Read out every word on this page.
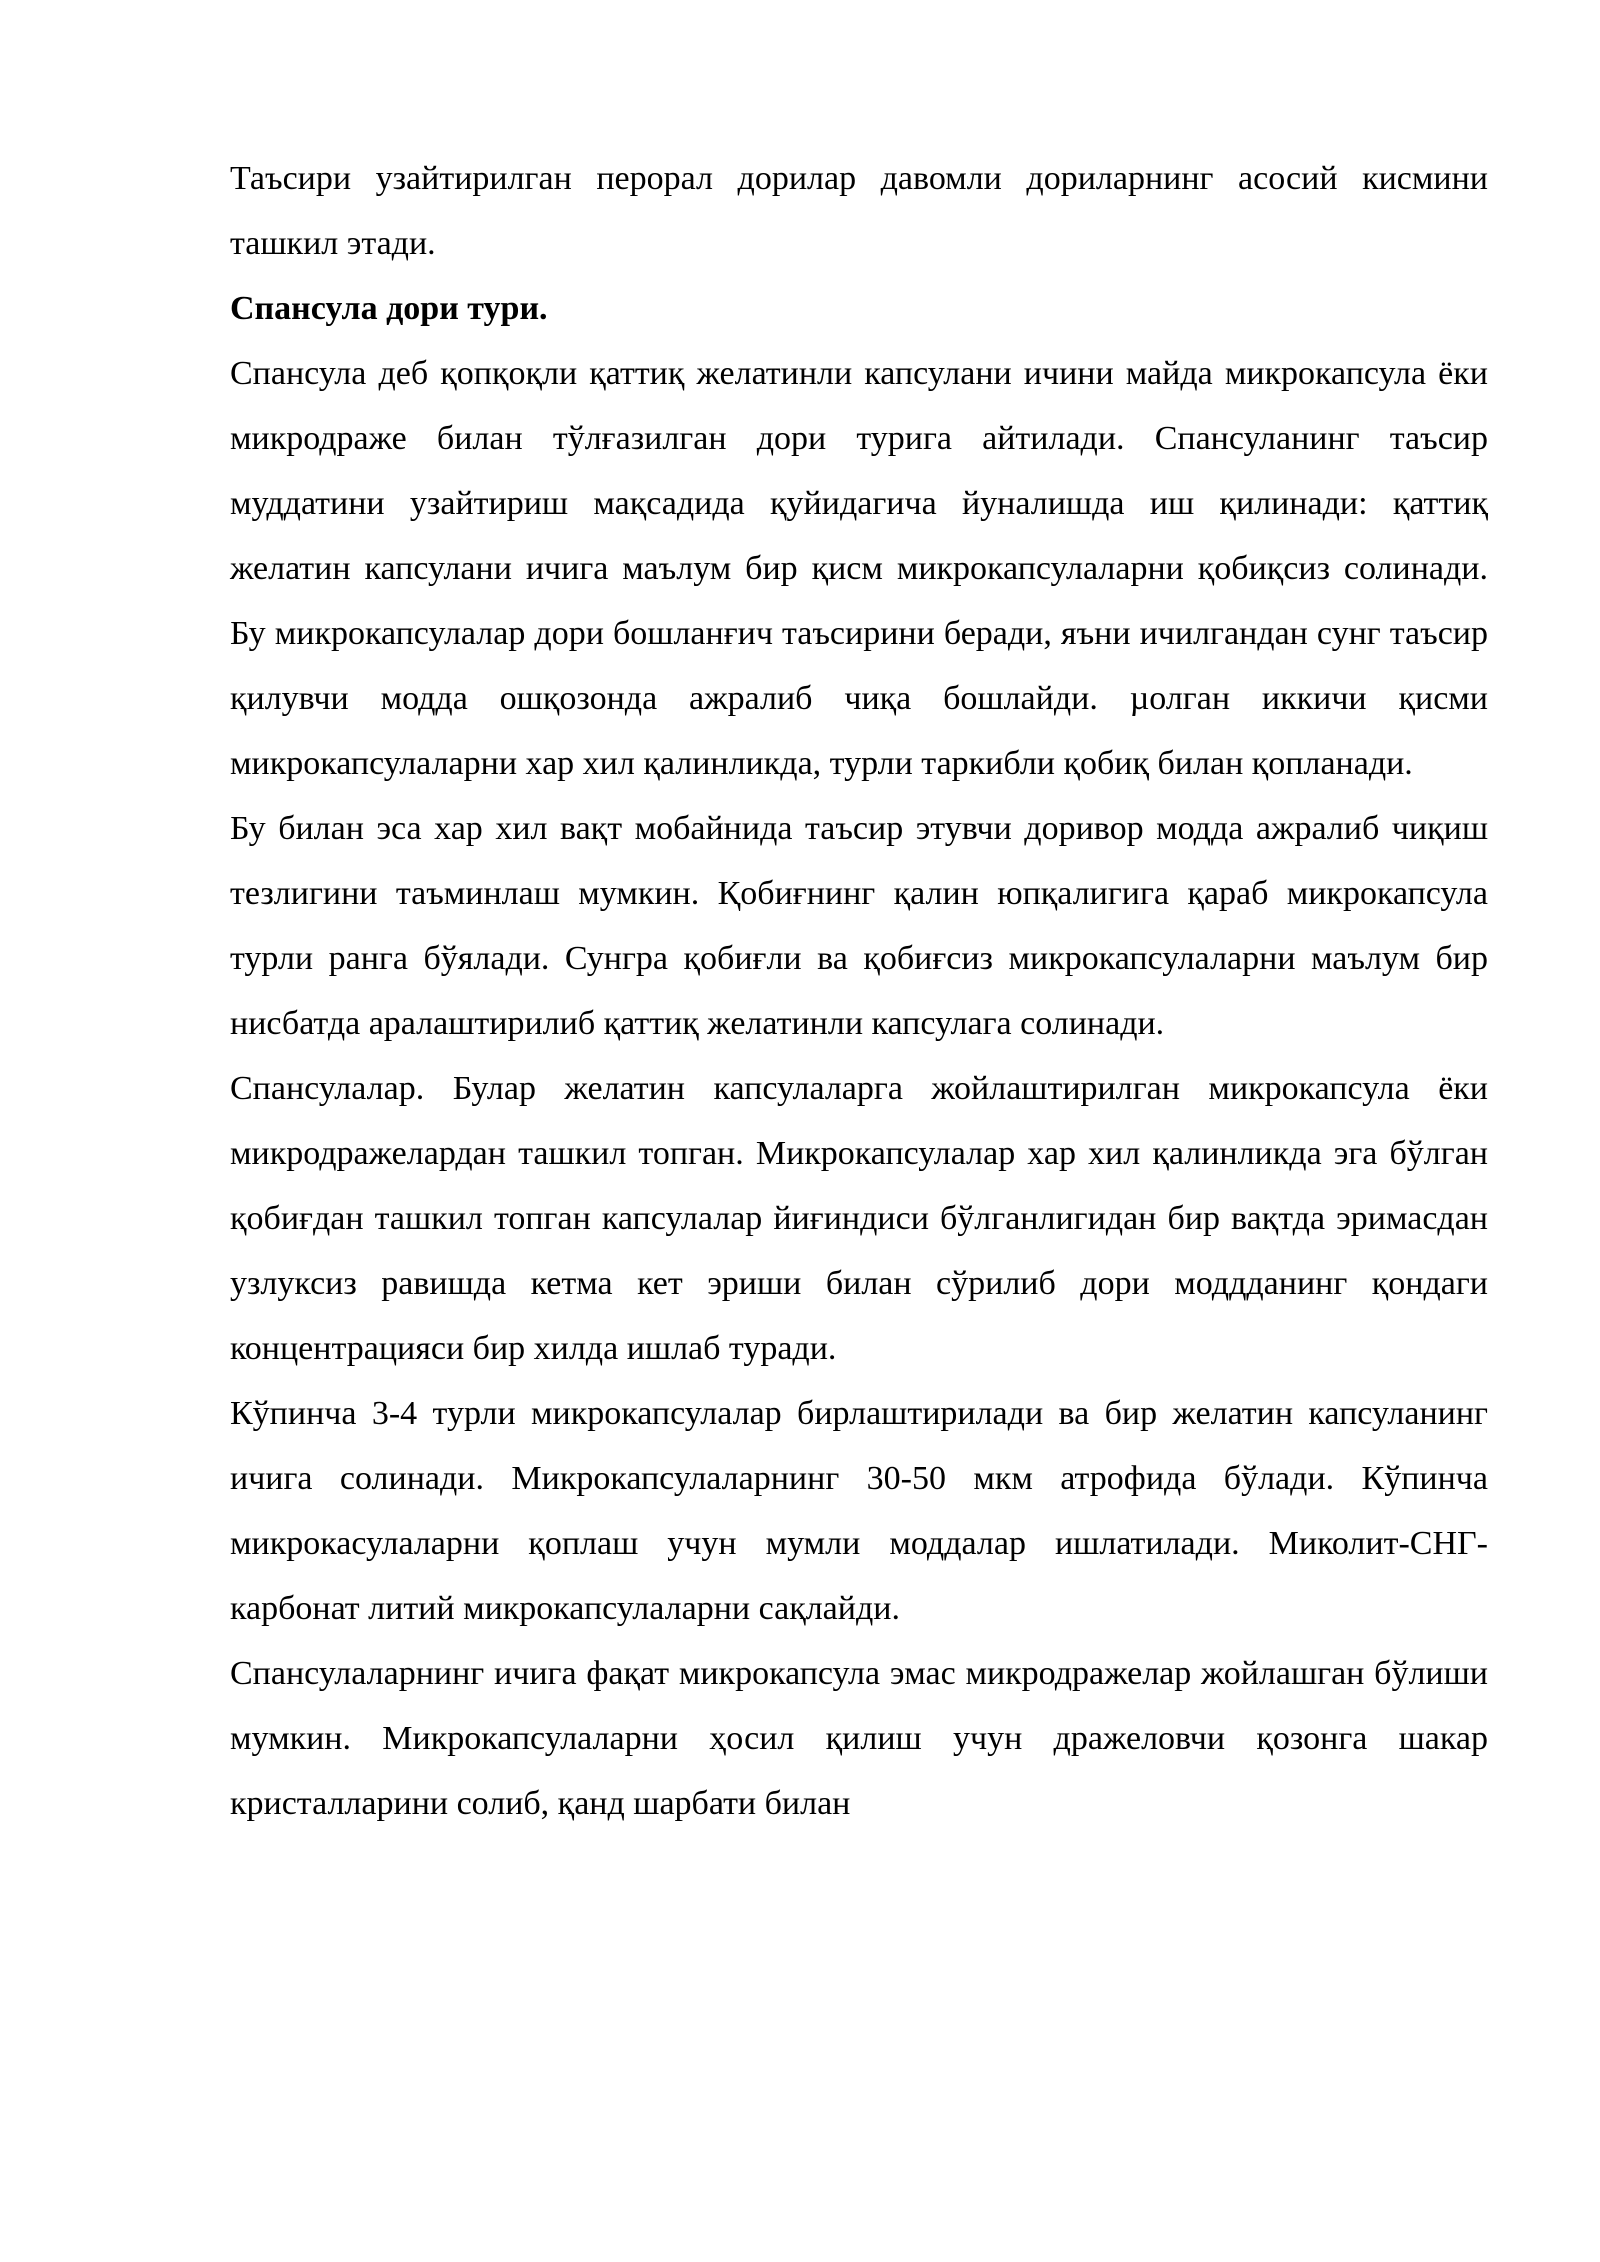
Таъсири узайтирилган перорал дорилар давомли дориларнинг асосий кисмини ташкил этади.

Спансула дори тури.

Спансула деб қопқоқли қаттиқ желатинли капсулани ичини майда микрокапсула ёки микродраже билан тўлғазилган дори турига айтилади. Спансуланинг таъсир муддатини узайтириш мақсадида қуйидагича йуналишда иш қилинади: қаттиқ желатин капсулани ичига маълум бир қисм микрокапсулаларни қобиқсиз солинади. Бу микрокапсулалар дори бошланғич таъсирини беради, яъни ичилгандан сунг таъсир қилувчи модда ошқозонда ажралиб чиқа бошлайди. µолган иккичи қисми микрокапсулаларни хар хил қалинликда, турли таркибли қобиқ билан қопланади.

Бу билан эса хар хил вақт мобайнида таъсир этувчи доривор модда ажралиб чиқиш тезлигини таъминлаш мумкин. Қобиғнинг қалин юпқалигига қараб микрокапсула турли ранга бўялади. Сунгра қобиғли ва қобиғсиз микрокапсулаларни маълум бир нисбатда аралаштирилиб қаттиқ желатинли капсулага солинади.

Спансулалар. Булар желатин капсулаларга жойлаштирилган микрокапсула ёки микродражелардан ташкил топган. Микрокапсулалар хар хил қалинликда эга бўлган қобиғдан ташкил топган капсулалар йиғиндиси бўлганлигидан бир вақтда эримасдан узлуксиз равишда кетма кет эриши билан сўрилиб дори моддданинг қондаги концентрацияси бир хилда ишлаб туради.

Кўпинча 3-4 турли микрокапсулалар бирлаштирилади ва бир желатин капсуланинг ичига солинади. Микрокапсулаларнинг 30-50 мкм атрофида бўлади. Кўпинча микрокасулаларни қоплаш учун мумли моддалар ишлатилади. Миколит-СНГ-карбонат литий микрокапсулаларни сақлайди.

Спансулаларнинг ичига фақат микрокапсула эмас микродражелар жойлашган бўлиши мумкин. Микрокапсулаларни ҳосил қилиш учун дражеловчи қозонга шакар кристалларини солиб, қанд шарбати билан
